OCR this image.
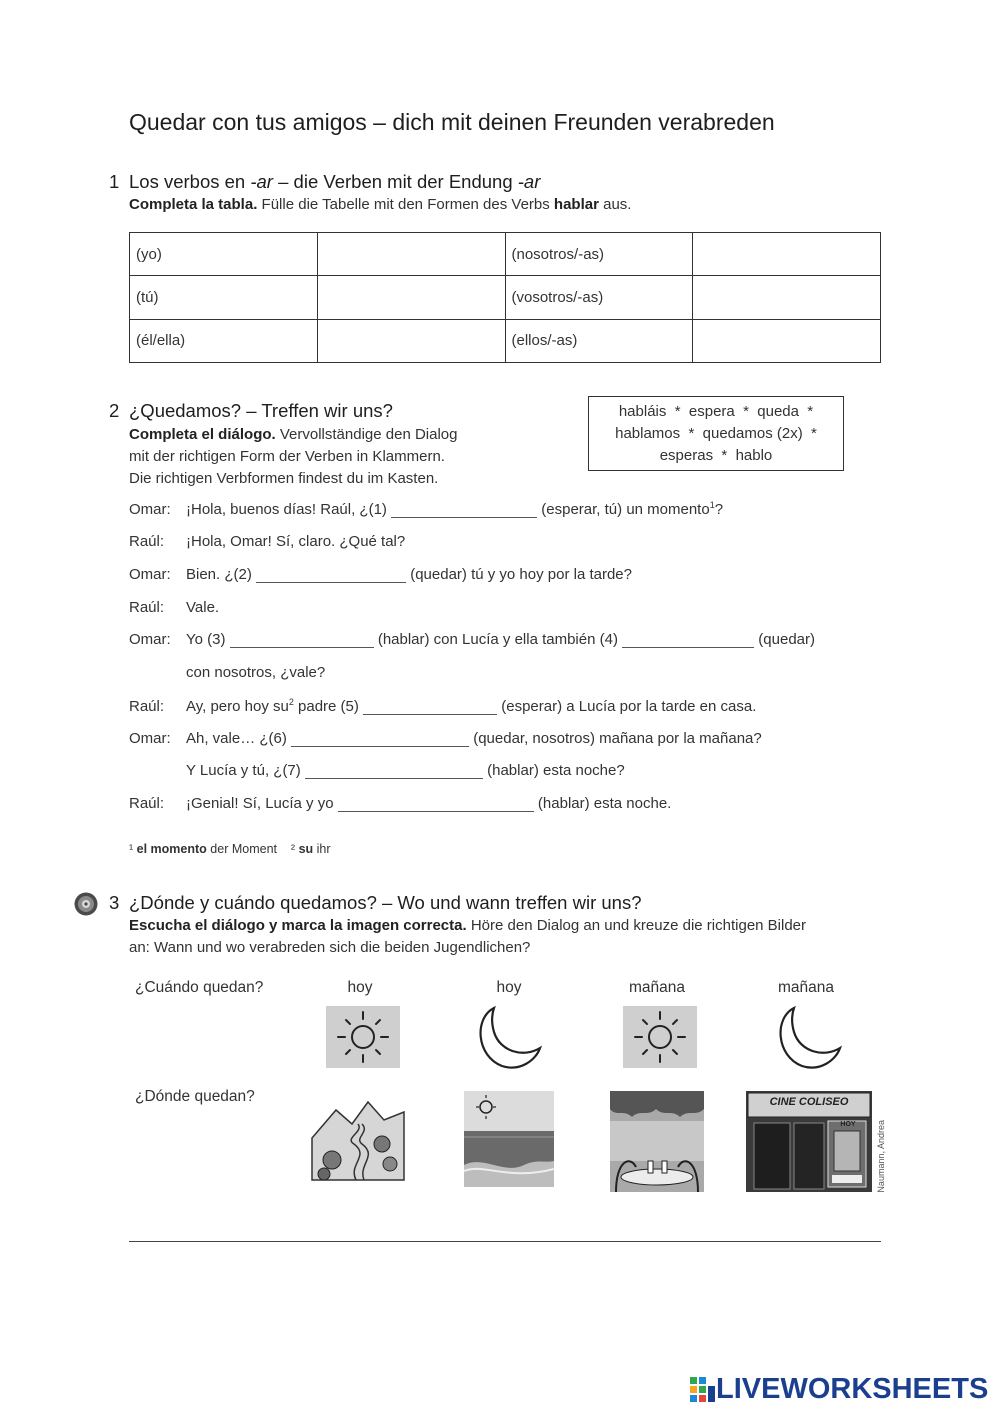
Quedar con tus amigos – dich mit deinen Freunden verabreden
1 Los verbos en -ar – die Verben mit der Endung -ar
Completa la tabla. Fülle die Tabelle mit den Formen des Verbs hablar aus.
(yo)		(nosotros/-as)	
(tú)		(vosotros/-as)	
(él/ella)		(ellos/-as)	
2 ¿Quedamos? – Treffen wir uns?
Completa el diálogo. Vervollständige den Dialog
mit der richtigen Form der Verben in Klammern.
Die richtigen Verbformen findest du im Kasten.
habláis  *  espera  *  queda  *
hablamos  *  quedamos (2x)  *
esperas  *  hablo
Omar: ¡Hola, buenos días! Raúl, ¿(1)	(esperar, tú) un momento$^1$?
Raúl: ¡Hola, Omar! Sí, claro. ¿Qué tal?
Omar: Bien. ¿(2)	(quedar) tú y yo hoy por la tarde?
Raúl: Vale.
Omar: Yo (3)	(hablar) con Lucía y ella también (4)	(quedar)
con nosotros, ¿vale?
Raúl: Ay, pero hoy $su^2$ padre (5)	(esperar) a Lucía por la tarde en casa.
Omar: Ah, vale… ¿(6)	(quedar, nosotros) mañana por la mañana?
Y Lucía y tú, ¿(7)	(hablar) esta noche?
Raúl: ¡Genial! Sí, Lucía y yo	(hablar) esta noche.
¹ el momento der Moment ² su ihr
3 ¿Dónde y cuándo quedamos? – Wo und wann treffen wir uns?
Escucha el diálogo y marca la imagen correcta. Höre den Dialog an und kreuze die richtigen Bilder
an: Wann und wo verabreden sich die beiden Jugendlichen?
¿Cuándo quedan?	hoy	hoy	mañana	mañana
¿Dónde quedan?	CINE COLISEO
HOY	Naumann, Andrea
LIVEWORKSHEETS
